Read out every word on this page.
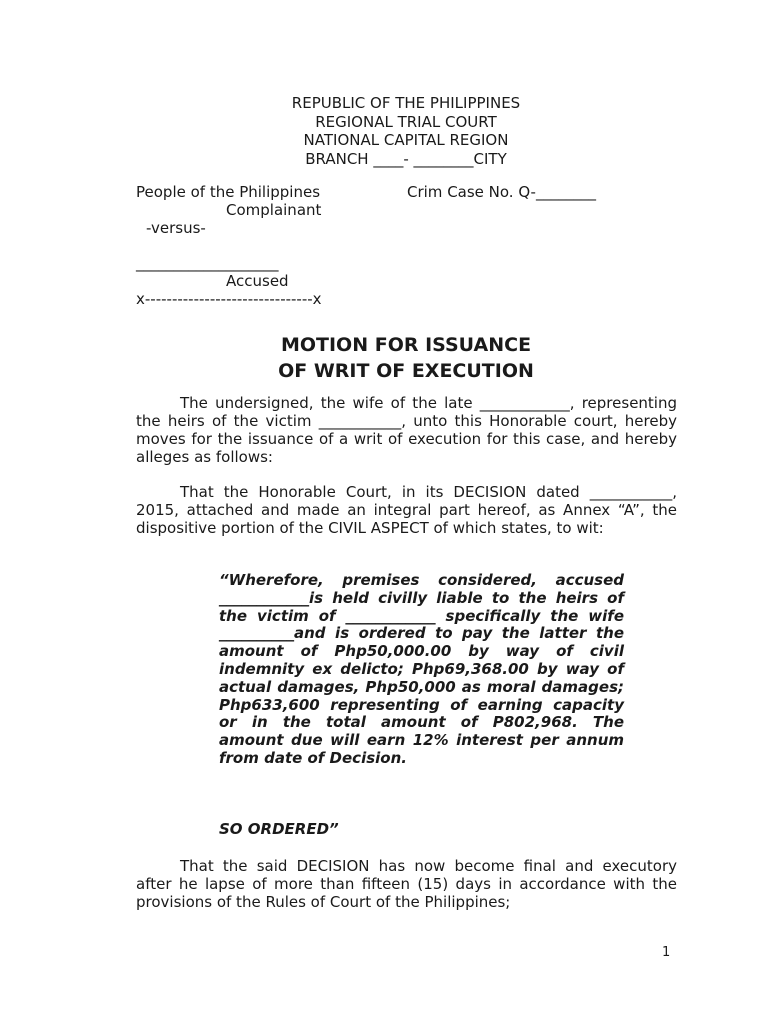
REPUBLIC OF THE PHILIPPINES
REGIONAL TRIAL COURT
NATIONAL CAPITAL REGION
BRANCH ____- ________CITY
People of the Philippines	Crim Case No. Q-________
Complainant
-versus-
___________________
Accused
x-------------------------------x
MOTION FOR ISSUANCE
OF WRIT OF EXECUTION
The undersigned, the wife of the late ____________, representing the heirs of the victim ___________, unto this Honorable court, hereby moves for the issuance of a writ of execution for this case, and hereby alleges as follows:
That the Honorable Court, in its DECISION dated ___________, 2015, attached and made an integral part hereof, as Annex “A”, the dispositive portion of the CIVIL ASPECT of which states, to wit:
“Wherefore, premises considered, accused ____________is held civilly liable to the heirs of the victim of ____________ specifically the wife __________and is ordered to pay the latter the amount of Php50,000.00 by way of civil indemnity ex delicto; Php69,368.00 by way of actual damages, Php50,000 as moral damages; Php633,600 representing of earning capacity or in the total amount of P802,968. The amount due will earn 12% interest per annum from date of Decision.
SO ORDERED”
That the said DECISION has now become final and executory after he lapse of more than fifteen (15) days in accordance with the provisions of the Rules of Court of the Philippines;
1
